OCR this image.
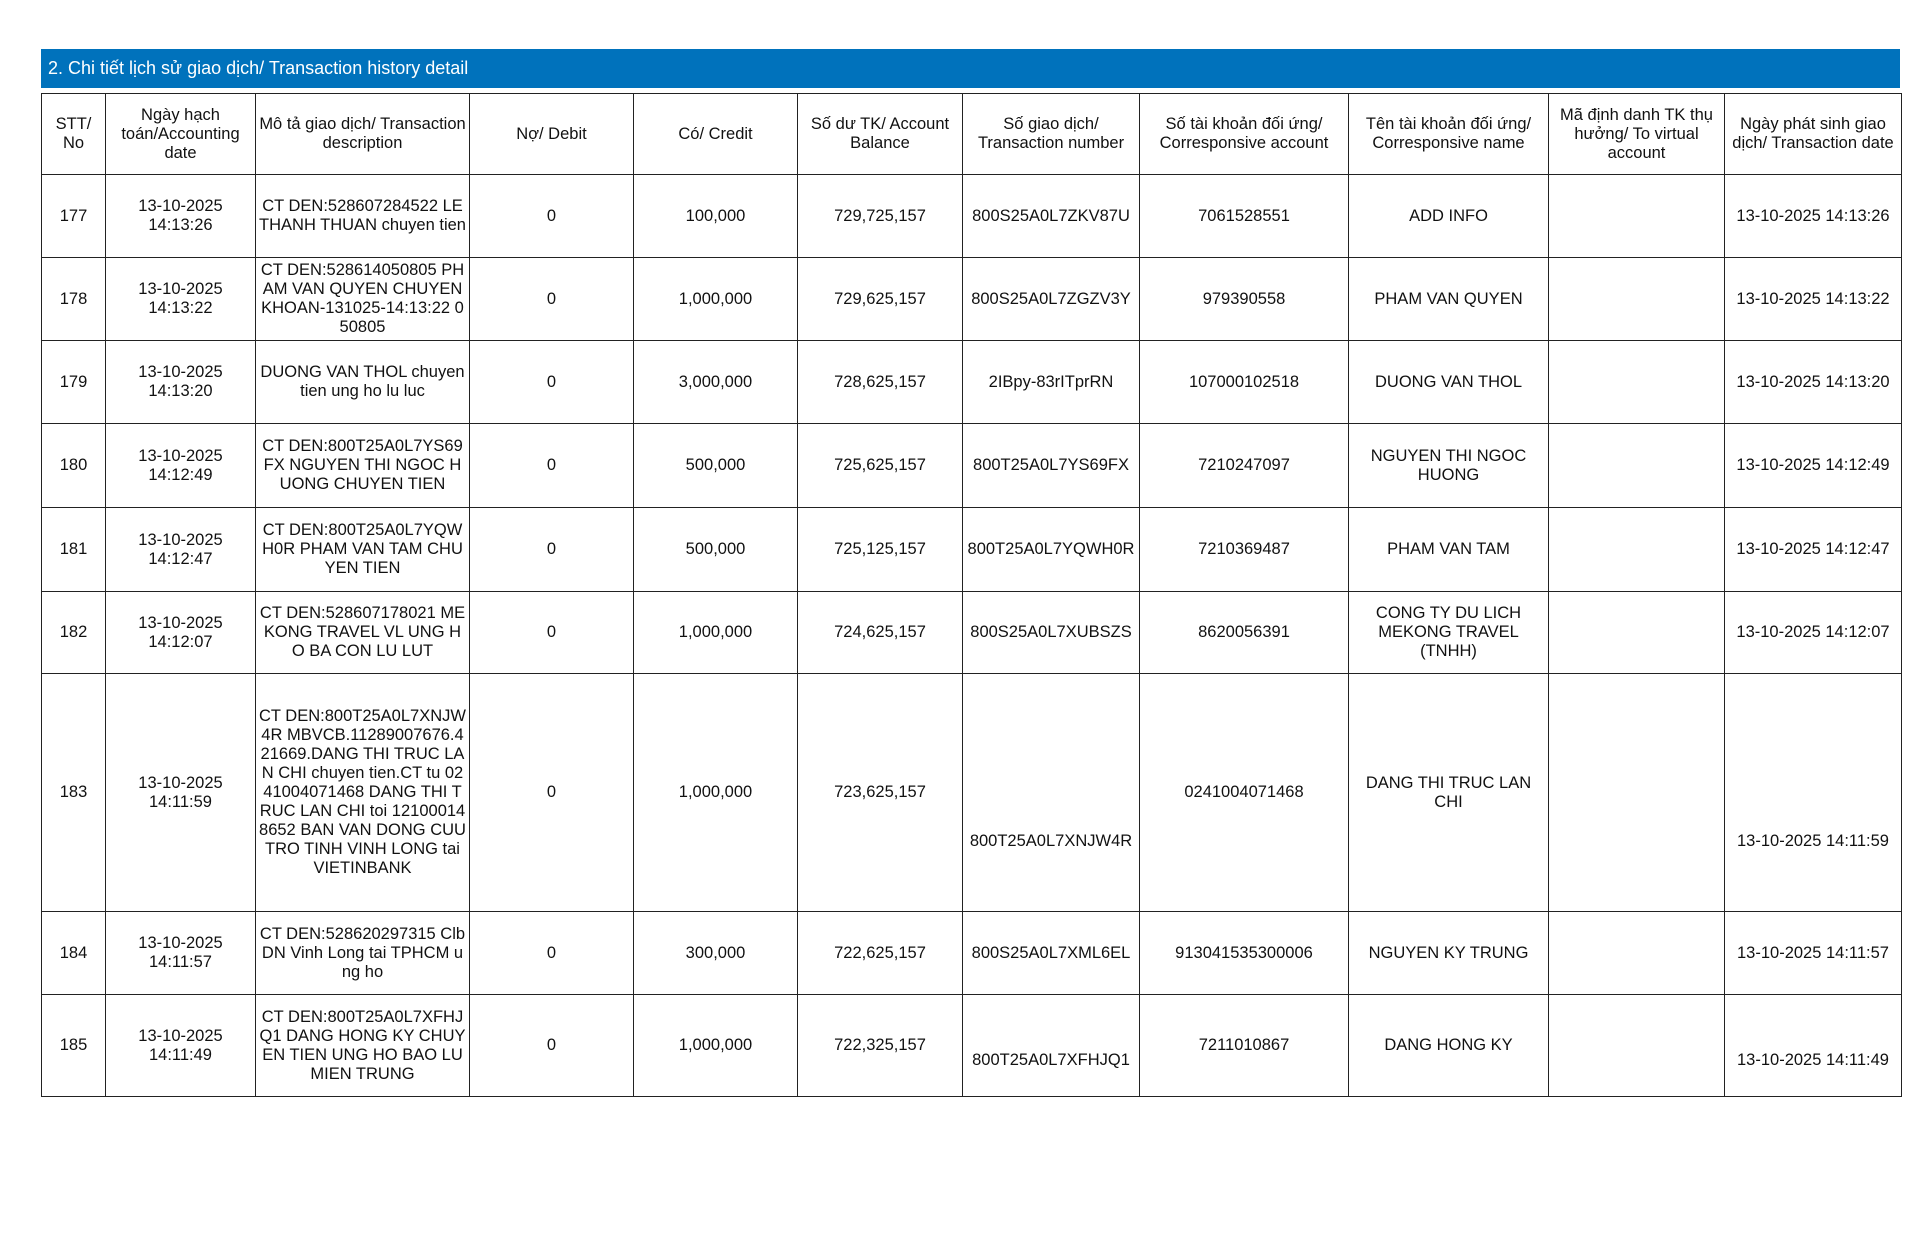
2. Chi tiết lịch sử giao dịch/ Transaction history detail
STT/ No	Ngày hạch toán/Accounting date	Mô tả giao dịch/ Transaction description	Nợ/ Debit	Có/ Credit	Số dư TK/ Account Balance	Số giao dịch/ Transaction number	Số tài khoản đối ứng/ Corresponsive account	Tên tài khoản đối ứng/ Corresponsive name	Mã định danh TK thụ hưởng/ To virtual account	Ngày phát sinh giao dịch/ Transaction date
177	13-10-2025 14:13:26	CT DEN:528607284522 LE THANH THUAN chuyen tien	0	100,000	729,725,157	800S25A0L7ZKV87U	7061528551	ADD INFO		13-10-2025 14:13:26
178	13-10-2025 14:13:22	CT DEN:528614050805 PHAM VAN QUYEN CHUYEN KHOAN-131025-14:13:22 050805	0	1,000,000	729,625,157	800S25A0L7ZGZV3Y	979390558	PHAM VAN QUYEN		13-10-2025 14:13:22
179	13-10-2025 14:13:20	DUONG VAN THOL chuyen tien ung ho lu luc	0	3,000,000	728,625,157	2IBpy-83rITprRN	107000102518	DUONG VAN THOL		13-10-2025 14:13:20
180	13-10-2025 14:12:49	CT DEN:800T25A0L7YS69FX NGUYEN THI NGOC HUONG CHUYEN TIEN	0	500,000	725,625,157	800T25A0L7YS69FX	7210247097	NGUYEN THI NGOC HUONG		13-10-2025 14:12:49
181	13-10-2025 14:12:47	CT DEN:800T25A0L7YQWH0R PHAM VAN TAM CHUYEN TIEN	0	500,000	725,125,157	800T25A0L7YQWH0R	7210369487	PHAM VAN TAM		13-10-2025 14:12:47
182	13-10-2025 14:12:07	CT DEN:528607178021 MEKONG TRAVEL VL UNG HO BA CON LU LUT	0	1,000,000	724,625,157	800S25A0L7XUBSZS	8620056391	CONG TY DU LICH MEKONG TRAVEL (TNHH)		13-10-2025 14:12:07
183	13-10-2025 14:11:59	CT DEN:800T25A0L7XNJW4R MBVCB.11289007676.421669.DANG THI TRUC LAN CHI chuyen tien.CT tu 0241004071468 DANG THI TRUC LAN CHI toi 121000148652 BAN VAN DONG CUU TRO TINH VINH LONG tai VIETINBANK	0	1,000,000	723,625,157	800T25A0L7XNJW4R	0241004071468	DANG THI TRUC LAN CHI		13-10-2025 14:11:59
184	13-10-2025 14:11:57	CT DEN:528620297315 Clb DN Vinh Long tai TPHCM ung ho	0	300,000	722,625,157	800S25A0L7XML6EL	913041535300006	NGUYEN KY TRUNG		13-10-2025 14:11:57
185	13-10-2025 14:11:49	CT DEN:800T25A0L7XFHJQ1 DANG HONG KY CHUYEN TIEN UNG HO BAO LU MIEN TRUNG	0	1,000,000	722,325,157	800T25A0L7XFHJQ1	7211010867	DANG HONG KY		13-10-2025 14:11:49
